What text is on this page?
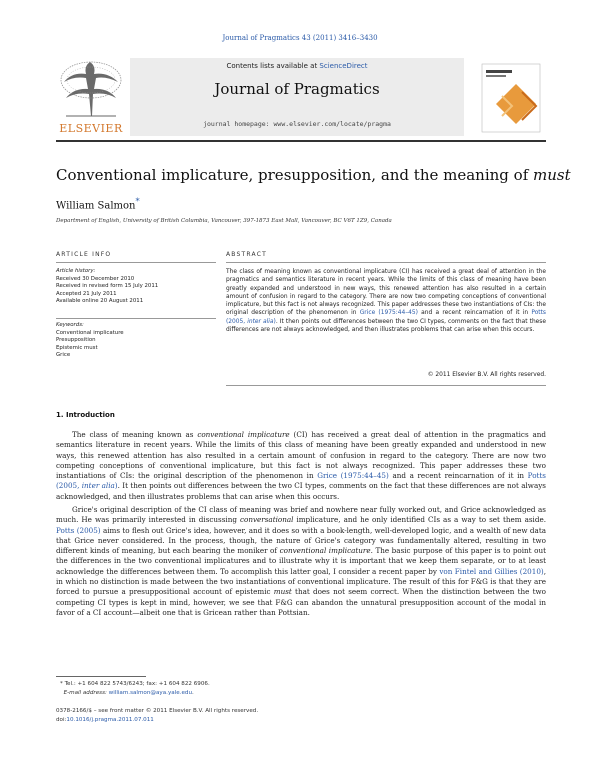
Journal of Pragmatics 43 (2011) 3416–3430
ELSEVIER
Contents lists available at ScienceDirect
Journal of Pragmatics
journal homepage: www.elsevier.com/locate/pragma
Conventional implicature, presupposition, and the meaning of must
William Salmon*
Department of English, University of British Columbia, Vancouver, 397-1873 East Mall, Vancouver, BC V6T 1Z9, Canada
ARTICLE INFO	ABSTRACT
Article history:
Received 30 December 2010
Received in revised form 15 July 2011
Accepted 21 July 2011
Available online 20 August 2011
Keywords:
Conventional implicature
Presupposition
Epistemic must
Grice
The class of meaning known as conventional implicature (CI) has received a great deal of attention in the pragmatics and semantics literature in recent years. While the limits of this class of meaning have been greatly expanded and understood in new ways, this renewed attention has also resulted in a certain amount of confusion in regard to the category. There are now two competing conceptions of conventional implicature, but this fact is not always recognized. This paper addresses these two instantiations of CIs: the original description of the phenomenon in Grice (1975:44–45) and a recent reincarnation of it in Potts (2005, inter alia). It then points out differences between the two CI types, comments on the fact that these differences are not always acknowledged, and then illustrates problems that can arise when this occurs.
© 2011 Elsevier B.V. All rights reserved.
1. Introduction
The class of meaning known as conventional implicature (CI) has received a great deal of attention in the pragmatics and semantics literature in recent years. While the limits of this class of meaning have been greatly expanded and understood in new ways, this renewed attention has also resulted in a certain amount of confusion in regard to the category. There are now two competing conceptions of conventional implicature, but this fact is not always recognized. This paper addresses these two instantiations of CIs: the original description of the phenomenon in Grice (1975:44–45) and a recent reincarnation of it in Potts (2005, inter alia). It then points out differences between the two CI types, comments on the fact that these differences are not always acknowledged, and then illustrates problems that can arise when this occurs.
Grice's original description of the CI class of meaning was brief and nowhere near fully worked out, and Grice acknowledged as much. He was primarily interested in discussing conversational implicature, and he only identified CIs as a way to set them aside. Potts (2005) aims to flesh out Grice's idea, however, and it does so with a book-length, well-developed logic, and a wealth of new data that Grice never considered. In the process, though, the nature of Grice's category was fundamentally altered, resulting in two different kinds of meaning, but each bearing the moniker of conventional implicature. The basic purpose of this paper is to point out the differences in the two conventional implicatures and to illustrate why it is important that we keep them separate, or to at least acknowledge the differences between them. To accomplish this latter goal, I consider a recent paper by von Fintel and Gillies (2010), in which no distinction is made between the two instantiations of conventional implicature. The result of this for F&G is that they are forced to pursue a presuppositional account of epistemic must that does not seem correct. When the distinction between the two competing CI types is kept in mind, however, we see that F&G can abandon the unnatural presupposition account of the modal in favor of a CI account—albeit one that is Gricean rather than Pottsian.
* Tel.: +1 604 822 5743/6243; fax: +1 604 822 6906.
E-mail address: william.salmon@aya.yale.edu.
0378-2166/$ – see front matter © 2011 Elsevier B.V. All rights reserved.
doi:10.1016/j.pragma.2011.07.011
